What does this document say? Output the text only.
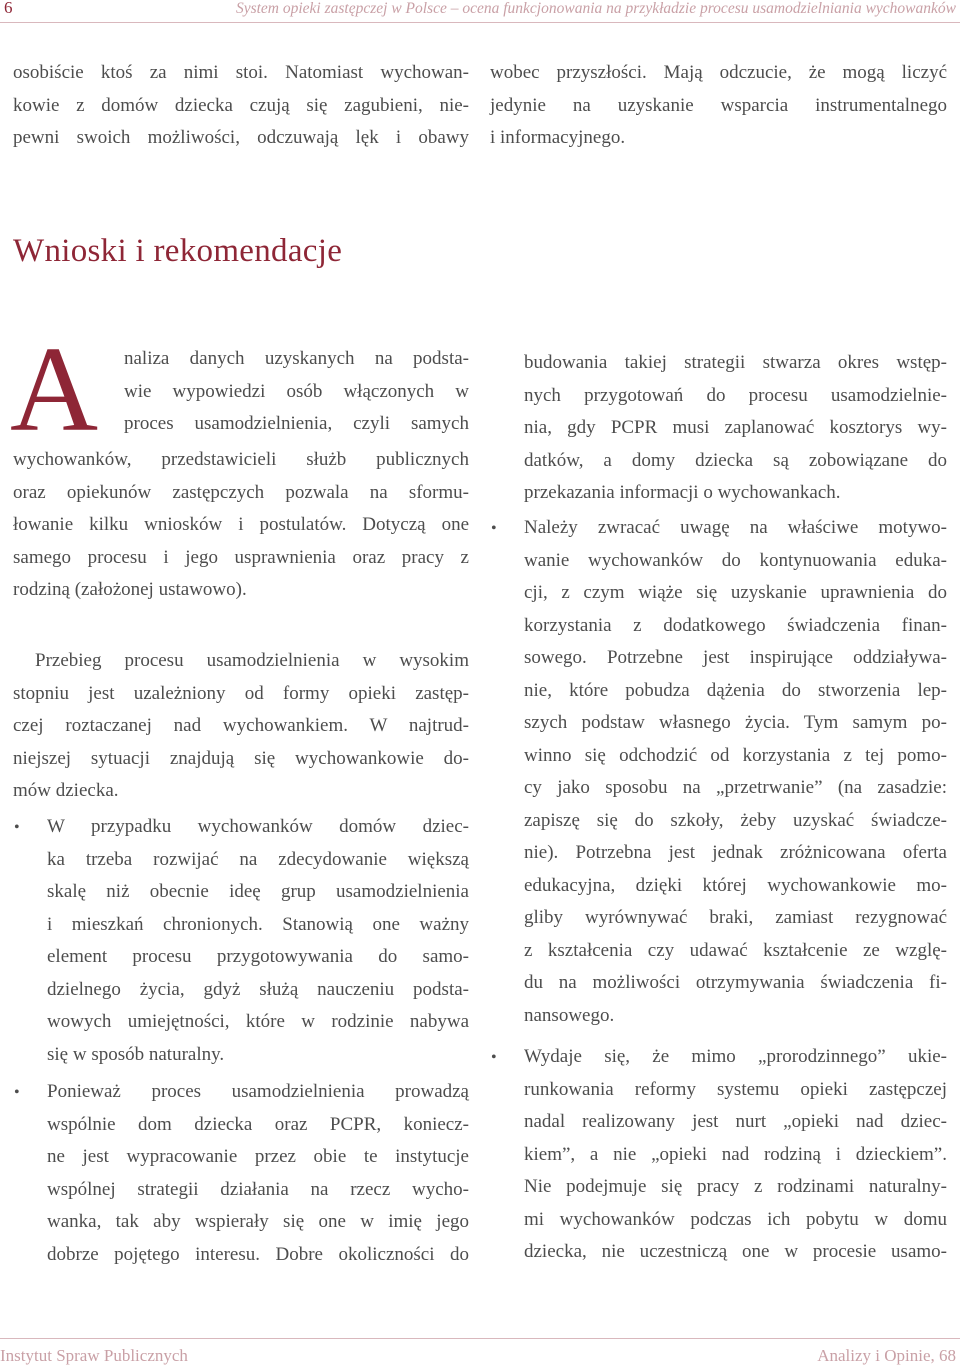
6	System opieki zastępczej w Polsce – ocena funkcjonowania na przykładzie procesu usamodzielniania wychowanków
osobiście ktoś za nimi stoi. Natomiast wychowan-
kowie z domów dziecka czują się zagubieni, nie-
pewni swoich możliwości, odczuwają lęk i obawy
wobec przyszłości. Mają odczucie, że mogą liczyć
jedynie na uzyskanie wsparcia instrumentalnego
i informacyjnego.
Wnioski i rekomendacje
A naliza danych uzyskanych na podsta-
wie wypowiedzi osób włączonych w
proces usamodzielnienia, czyli samych
wychowanków, przedstawicieli służb publicznych
oraz opiekunów zastępczych pozwala na sformu-
łowanie kilku wniosków i postulatów. Dotyczą one
samego procesu i jego usprawnienia oraz pracy z
rodziną (założonej ustawowo).
Przebieg procesu usamodzielnienia w wysokim
stopniu jest uzależniony od formy opieki zastęp-
czej roztaczanej nad wychowankiem. W najtrud-
niejszej sytuacji znajdują się wychowankowie do-
mów dziecka.
• W przypadku wychowanków domów dziec-
ka trzeba rozwijać na zdecydowanie większą
skalę niż obecnie ideę grup usamodzielnienia
i mieszkań chronionych. Stanowią one ważny
element procesu przygotowywania do samo-
dzielnego życia, gdyż służą nauczeniu podsta-
wowych umiejętności, które w rodzinie nabywa
się w sposób naturalny.
• Ponieważ proces usamodzielnienia prowadzą
wspólnie dom dziecka oraz PCPR, koniecz-
ne jest wypracowanie przez obie te instytucje
wspólnej strategii działania na rzecz wycho-
wanka, tak aby wspierały się one w imię jego
dobrze pojętego interesu. Dobre okoliczności do
budowania takiej strategii stwarza okres wstęp-
nych przygotowań do procesu usamodzielnie-
nia, gdy PCPR musi zaplanować kosztorys wy-
datków, a domy dziecka są zobowiązane do
przekazania informacji o wychowankach.
• Należy zwracać uwagę na właściwe motywo-
wanie wychowanków do kontynuowania eduka-
cji, z czym wiąże się uzyskanie uprawnienia do
korzystania z dodatkowego świadczenia finan-
sowego. Potrzebne jest inspirujące oddziaływa-
nie, które pobudza dążenia do stworzenia lep-
szych podstaw własnego życia. Tym samym po-
winno się odchodzić od korzystania z tej pomo-
cy jako sposobu na „przetrwanie” (na zasadzie:
zapiszę się do szkoły, żeby uzyskać świadcze-
nie). Potrzebna jest jednak zróżnicowana oferta
edukacyjna, dzięki której wychowankowie mo-
gliby wyrównywać braki, zamiast rezygnować
z kształcenia czy udawać kształcenie ze wzglę-
du na możliwości otrzymywania świadczenia fi-
nansowego.
• Wydaje się, że mimo „prorodzinnego” ukie-
runkowania reformy systemu opieki zastępczej
nadal realizowany jest nurt „opieki nad dziec-
kiem”, a nie „opieki nad rodziną i dzieckiem”.
Nie podejmuje się pracy z rodzinami naturalny-
mi wychowanków podczas ich pobytu w domu
dziecka, nie uczestniczą one w procesie usamo-
Instytut Spraw Publicznych	Analizy i Opinie, 68
